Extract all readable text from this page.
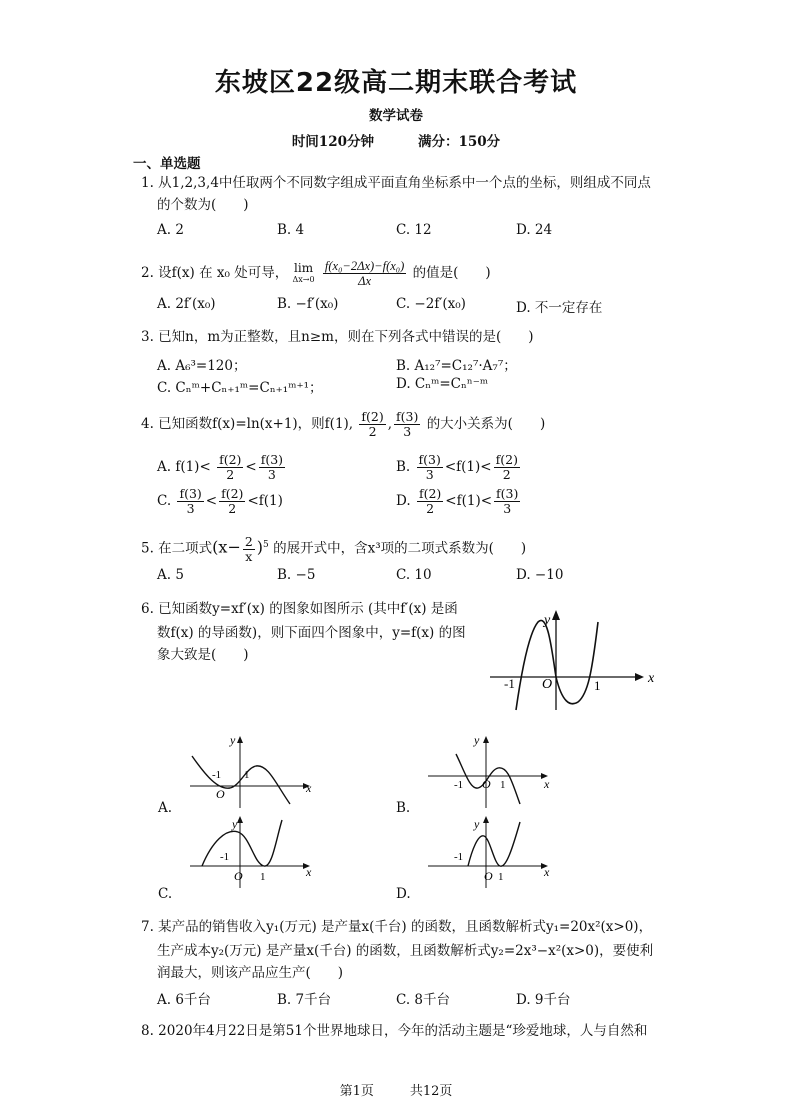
东坡区22级高二期末联合考试
数学试卷
时间120分钟	满分：150分
一、单选题
1. 从1,2,3,4中任取两个不同数字组成平面直角坐标系中一个点的坐标，则组成不同点
的个数为(　　)
A. 2	B. 4	C. 12	D. 24
2. 设f(x) 在 x₀ 处可导， lim
Δx→0
$\frac{\text{f(x₀−2Δx)−f(x₀)}}{\Delta x}$ 的值是(　　)
A. 2f′(x₀)	B. −f′(x₀)	C. −2f′(x₀)	D. 不一定存在
3. 已知n，m为正整数，且n≥m，则在下列各式中错误的是(　　)
A. A₆³=120；	B. A₁₂⁷=C₁₂⁷·A₇⁷；
C. Cₙᵐ+Cₙ₊₁ᵐ=Cₙ₊₁ᵐ⁺¹；	D. Cₙᵐ=Cₙⁿ⁻ᵐ
4. 已知函数f(x)=ln(x+1)，则f(1), $\frac{f(2)}{2}$ , $\frac{f(3)}{3}$ 的大小关系为(　　)
A. $f(1)< \frac{f(2)}{2} < \frac{f(3)}{3}$	B. $\frac{f(3)}{3} <f(1)< \frac{f(2)}{2}$
C. $\frac{f(3)}{3} < \frac{f(2)}{2} <f(1)$	D. $\frac{f(2)}{2} <f(1)< \frac{f(3)}{3}$
5. 在二项式$(x- \frac{2}{x} )^5$ 的展开式中，含x³项的二项式系数为(　　)
A. 5	B. −5	C. 10	D. −10
6. 已知函数y=xf′(x) 的图象如图所示 (其中f′(x) 是函
数f(x) 的导函数)，则下面四个图象中，y=f(x) 的图
象大致是(　　)
x
y
O
-1	1
A.
y
x
1
-1
O
B.
y
x
-1 O 1
C.
y
x
-1
O 1
D.
y
x
-1
O 1
7. 某产品的销售收入y₁(万元) 是产量x(千台) 的函数，且函数解析式y₁=20x²(x>0)，
生产成本y₂(万元) 是产量x(千台) 的函数，且函数解析式y₂=2x³−x²(x>0)，要使利
润最大，则该产品应生产(　　)
A. 6千台	B. 7千台	C. 8千台	D. 9千台
8. 2020年4月22日是第51个世界地球日，今年的活动主题是“珍爱地球，人与自然和
第1页	共12页
